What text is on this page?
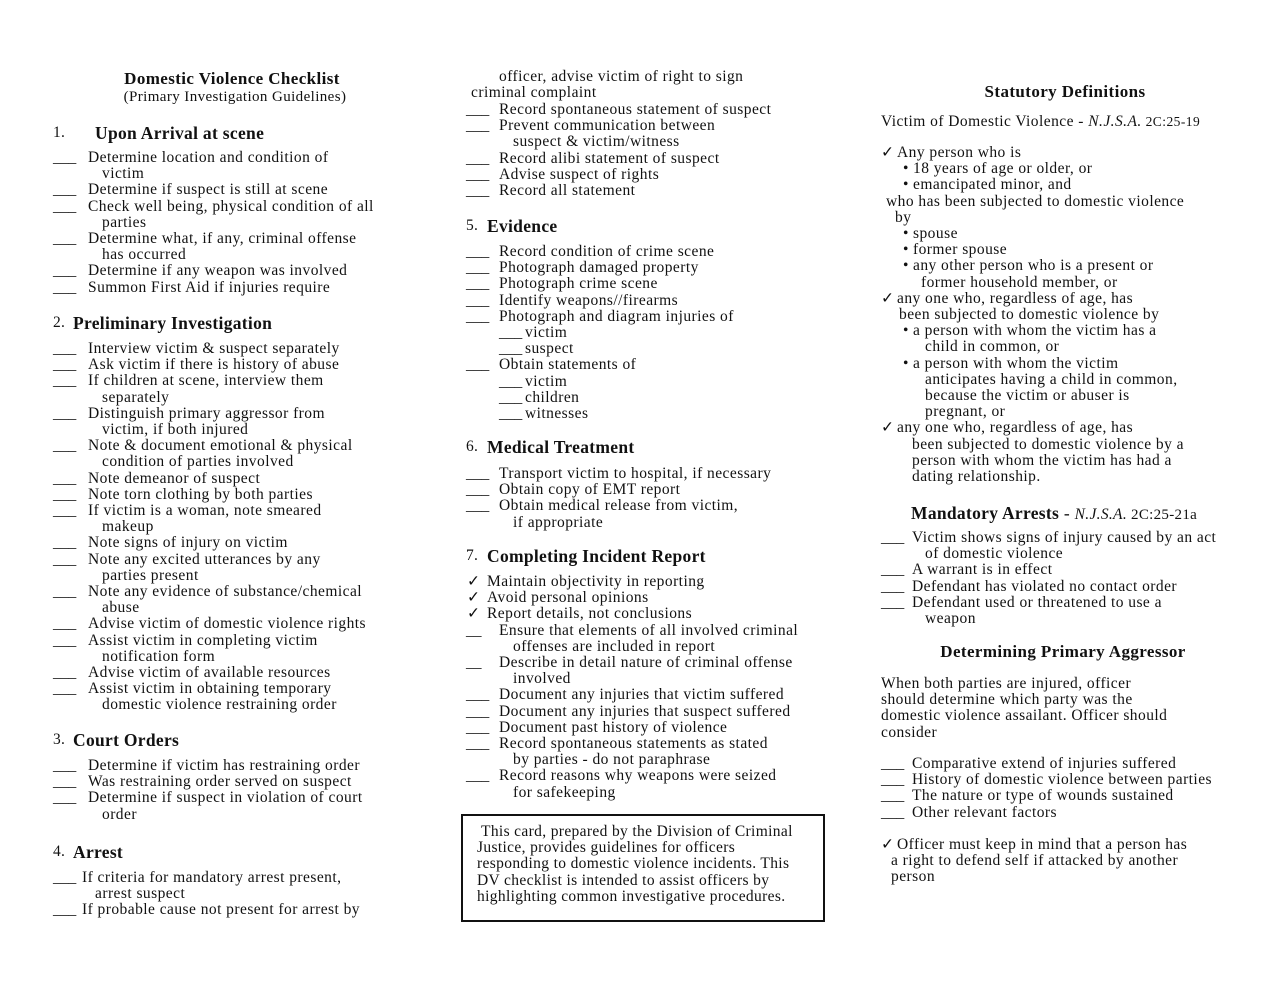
Domestic Violence Checklist
(Primary Investigation Guidelines)
1. Upon Arrival at scene
___ Determine location and condition of
victim
___ Determine if suspect is still at scene
___ Check well being, physical condition of all
parties
___ Determine what, if any, criminal offense
has occurred
___ Determine if any weapon was involved
___ Summon First Aid if injuries require
2. Preliminary Investigation
___ Interview victim & suspect separately
___ Ask victim if there is history of abuse
___ If children at scene, interview them
separately
___ Distinguish primary aggressor from
victim, if both injured
___ Note & document emotional & physical
condition of parties involved
___ Note demeanor of suspect
___ Note torn clothing by both parties
___ If victim is a woman, note smeared
makeup
___ Note signs of injury on victim
___ Note any excited utterances by any
parties present
___ Note any evidence of substance/chemical
abuse
___ Advise victim of domestic violence rights
___ Assist victim in completing victim
notification form
___ Advise victim of available resources
___ Assist victim in obtaining temporary
domestic violence restraining order
3. Court Orders
___ Determine if victim has restraining order
___ Was restraining order served on suspect
___ Determine if suspect in violation of court
order
4. Arrest
___ If criteria for mandatory arrest present,
arrest suspect
___ If probable cause not present for arrest by
officer, advise victim of right to sign
criminal complaint
___ Record spontaneous statement of suspect
___ Prevent communication between
suspect & victim/witness
___ Record alibi statement of suspect
___ Advise suspect of rights
___ Record all statement
5. Evidence
___ Record condition of crime scene
___ Photograph damaged property
___ Photograph crime scene
___ Identify weapons//firearms
___ Photograph and diagram injuries of
___ victim
___ suspect
___ Obtain statements of
___ victim
___ children
___ witnesses
6. Medical Treatment
___ Transport victim to hospital, if necessary
___ Obtain copy of EMT report
___ Obtain medical release from victim,
if appropriate
7. Completing Incident Report
✓ Maintain objectivity in reporting
✓ Avoid personal opinions
✓ Report details, not conclusions
__ Ensure that elements of all involved criminal
offenses are included in report
__ Describe in detail nature of criminal offense
involved
___ Document any injuries that victim suffered
___ Document any injuries that suspect suffered
___ Document past history of violence
___ Record spontaneous statements as stated
by parties - do not paraphrase
___ Record reasons why weapons were seized
for safekeeping
This card, prepared by the Division of Criminal
Justice, provides guidelines for officers
responding to domestic violence incidents. This
DV checklist is intended to assist officers by
highlighting common investigative procedures.
Statutory Definitions
Victim of Domestic Violence - N.J.S.A. 2C:25-19
✓ Any person who is
• 18 years of age or older, or
• emancipated minor, and
who has been subjected to domestic violence
by
• spouse
• former spouse
• any other person who is a present or
former household member, or
✓ any one who, regardless of age, has
been subjected to domestic violence by
• a person with whom the victim has a
child in common, or
• a person with whom the victim
anticipates having a child in common,
because the victim or abuser is
pregnant, or
✓ any one who, regardless of age, has
been subjected to domestic violence by a
person with whom the victim has had a
dating relationship.
Mandatory Arrests - N.J.S.A. 2C:25-21a
___ Victim shows signs of injury caused by an act
of domestic violence
___ A warrant is in effect
___ Defendant has violated no contact order
___ Defendant used or threatened to use a
weapon
Determining Primary Aggressor
When both parties are injured, officer
should determine which party was the
domestic violence assailant. Officer should
consider
___ Comparative extend of injuries suffered
___ History of domestic violence between parties
___ The nature or type of wounds sustained
___ Other relevant factors
✓ Officer must keep in mind that a person has
a right to defend self if attacked by another
person
